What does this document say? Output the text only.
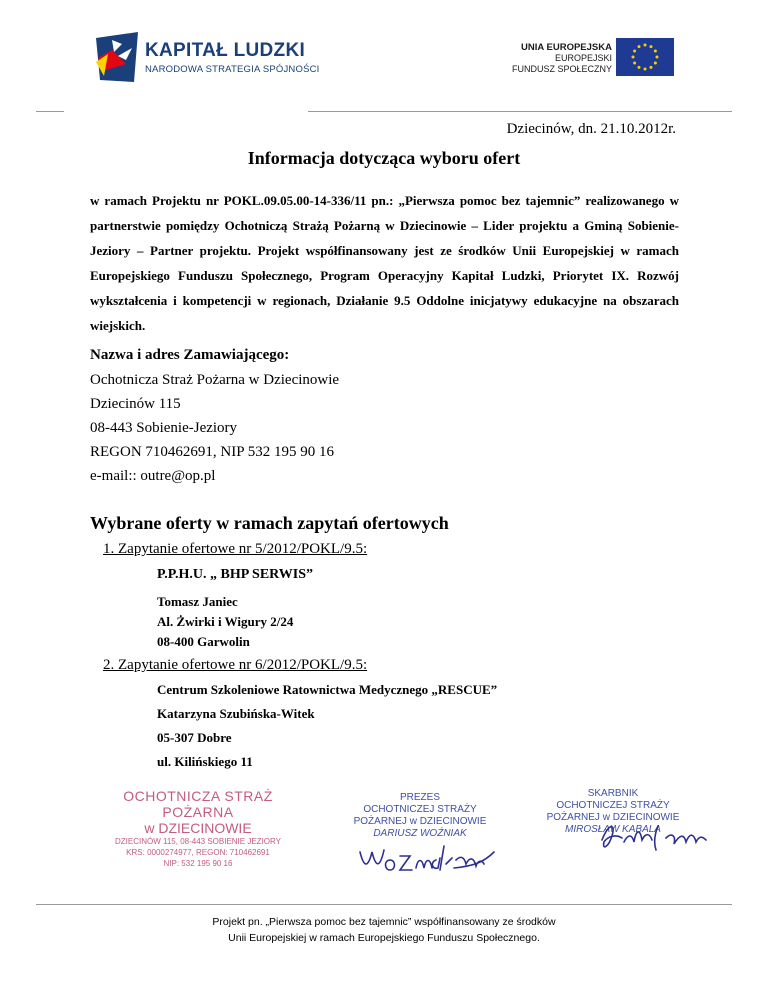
KAPITAŁ LUDZKI
NARODOWA STRATEGIA SPÓJNOŚCI
UNIA EUROPEJSKA
EUROPEJSKI
FUNDUSZ SPOŁECZNY
Dziecinów, dn. 21.10.2012r.
Informacja dotycząca wyboru ofert
w ramach Projektu nr POKL.09.05.00-14-336/11 pn.: „Pierwsza pomoc bez tajemnic” realizowanego w partnerstwie pomiędzy Ochotniczą Strażą Pożarną w Dziecinowie – Lider projektu a Gminą Sobienie-Jeziory – Partner projektu. Projekt współfinansowany jest ze środków Unii Europejskiej w ramach Europejskiego Funduszu Społecznego, Program Operacyjny Kapitał Ludzki, Priorytet IX. Rozwój wykształcenia i kompetencji w regionach, Działanie 9.5 Oddolne inicjatywy edukacyjne na obszarach wiejskich.
Nazwa i adres Zamawiającego:
Ochotnicza Straż Pożarna w Dziecinowie
Dziecinów 115
08-443 Sobienie-Jeziory
REGON 710462691, NIP 532 195 90 16
e-mail:: outre@op.pl
Wybrane oferty w ramach zapytań ofertowych
1. Zapytanie ofertowe nr 5/2012/POKL/9.5:
P.P.H.U. „ BHP SERWIS”
Tomasz Janiec
Al. Żwirki i Wigury 2/24
08-400 Garwolin
2. Zapytanie ofertowe nr 6/2012/POKL/9.5:
Centrum Szkoleniowe Ratownictwa Medycznego „RESCUE”
Katarzyna Szubińska-Witek
05-307 Dobre
ul. Kilińskiego 11
OCHOTNICZA STRAŻ POŻARNA
w DZIECINOWIE
DZIECINÓW 115, 08-443 SOBIENIE JEZIORY
KRS: 0000274977, REGON: 710462691
NIP: 532 195 90 16
PREZES
OCHOTNICZEJ STRAŻY
POŻARNEJ w DZIECINOWIE
DARIUSZ WOŹNIAK
SKARBNIK
OCHOTNICZEJ STRAŻY
POŻARNEJ w DZIECINOWIE
MIROSŁAW KABALA
Projekt pn. „Pierwsza pomoc bez tajemnic” współfinansowany ze środków
Unii Europejskiej w ramach Europejskiego Funduszu Społecznego.
